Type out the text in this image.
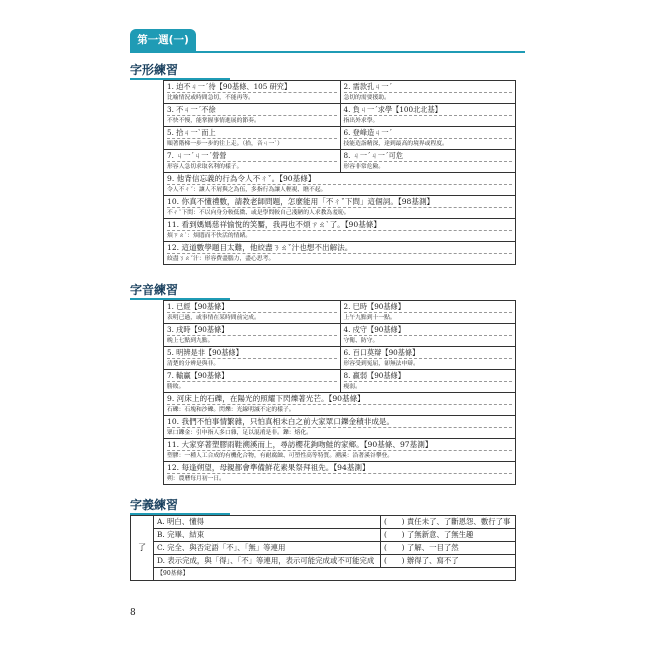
第一週(一)
字形練習
1. 迫不ㄐ一ˊ待【90基條、105 研究】
比喻情況或時間急切，不能再等。
2. 需款孔ㄐ一ˊ
急切的需要援助。
3. 不ㄐ一ˊ不徐
不快不慢，能掌握事情進展的節奏。
4. 負ㄐ一ˊ求學【100北北基】
指出外求學。
5. 拾ㄐ一ˋ而上
順著階梯一步一步的往上走。（拾，音ㄐ一ˋ）
6. 登峰造ㄐ一ˊ
技能造詣精深，達到最高的境界或程度。
7. ㄐ一ˊㄐ一ˊ營營
形容人急切求取名利的樣子。
8. ㄐ一ˊㄐ一ˊ可危
形容非常危險。
9. 他背信忘義的行為令人不ㄔˇ。【90基條】
令人不ㄔˇ：讓人不屑與之為伍，多指行為讓人輕視、瞧不起。
10. 你真不懂禮數，請教老師問題，怎麼能用「不ㄔˇ下問」這個詞。【98基測】
不ㄔˇ下問：不以向身分較低微、或是學問較自己淺陋的人求教為羞恥。
11. 看到媽媽慈祥愉悅的笑靨，我再也不煩ㄗㄠˋ了。【90基條】
煩ㄗㄠˋ：煩悶而不快活的情緒。
12. 這道數學題目太難，他絞盡ㄋㄠˇ汁也想不出解法。
絞盡ㄋㄠˇ汁：形容費盡腦力，盡心思考。
字音練習
1. 已經【90基條】
表明已過，或事情在某時間前完成。
2. 巳時【90基條】
上午九點到十一點。
3. 戌時【90基條】
晚上七點到九點。
4. 戍守【90基條】
守衛、防守。
5. 明辨是非【90基條】
清楚的分辨是與非。
6. 百口莫辯【90基條】
形容受到冤屈，卻無法申辯。
7. 輸贏【90基條】
勝敗。
8. 羸弱【90基條】
瘦弱。
9. 河床上的石礫，在陽光的照耀下閃爍著光芒。【90基條】
石礫：石塊和沙礫。閃爍：光線明滅不定的樣子。
10. 我們不怕事情繁雜，只怕真相未白之前大家眾口鑠金積非成是。
眾口鑠金：引申指人多口雜，足以混淆是非。鑠：熔化。
11. 大家穿著塑膠雨鞋溯溪而上，尋訪櫻花鉤吻鮭的家鄉。【90基條、97基測】
塑膠：一種人工合成的有機化合物，有耐腐蝕、可塑性高等特質。溯溪：沿著溪谷攀登。
12. 每逢朔望，母親都會準備鮮花素果祭拜祖先。【94基測】
朔：農曆每月初一日。
字義練習
了	A. 明白、懂得	(　　) 責任未了、了斷恩怨、數行了事
	B. 完畢、結束	(　　) 了無新意、了無生趣
	C. 完全、與否定語「不」、「無」等連用	(　　) 了解、一目了然
	D. 表示完成，與「得」、「不」等連用，表示可能完成或不可能完成	(　　) 辦得了、寫不了
	【90基條】	
8
